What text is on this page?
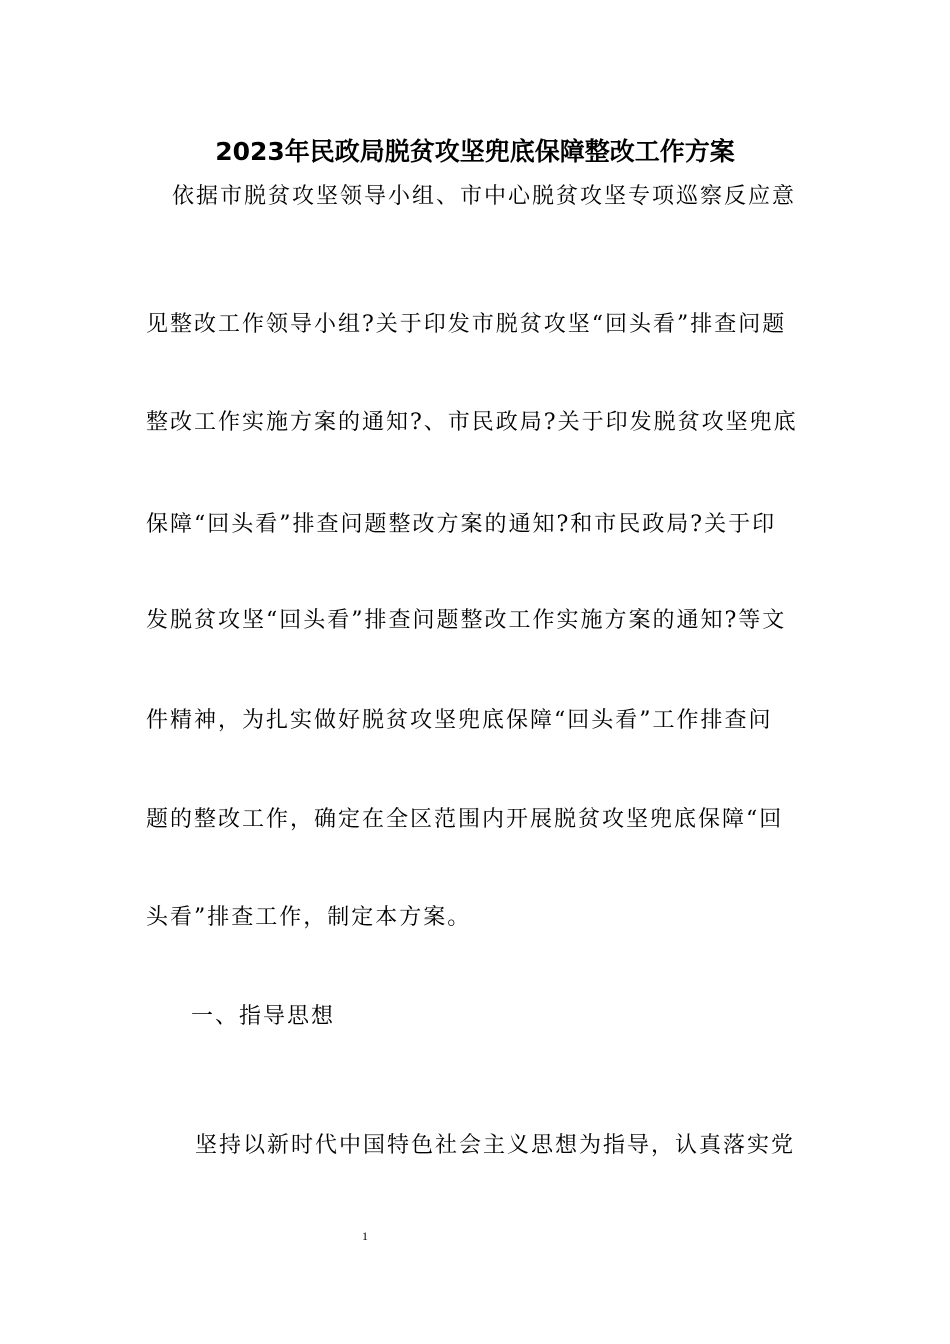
2023年民政局脱贫攻坚兜底保障整改工作方案
依据市脱贫攻坚领导小组、市中心脱贫攻坚专项巡察反应意
见整改工作领导小组?关于印发市脱贫攻坚“回头看”排查问题
整改工作实施方案的通知?、市民政局?关于印发脱贫攻坚兜底
保障“回头看”排查问题整改方案的通知?和市民政局?关于印
发脱贫攻坚“回头看”排查问题整改工作实施方案的通知?等文
件精神，为扎实做好脱贫攻坚兜底保障“回头看”工作排查问
题的整改工作，确定在全区范围内开展脱贫攻坚兜底保障“回
头看”排查工作，制定本方案。
一、指导思想
坚持以新时代中国特色社会主义思想为指导，认真落实党
1
